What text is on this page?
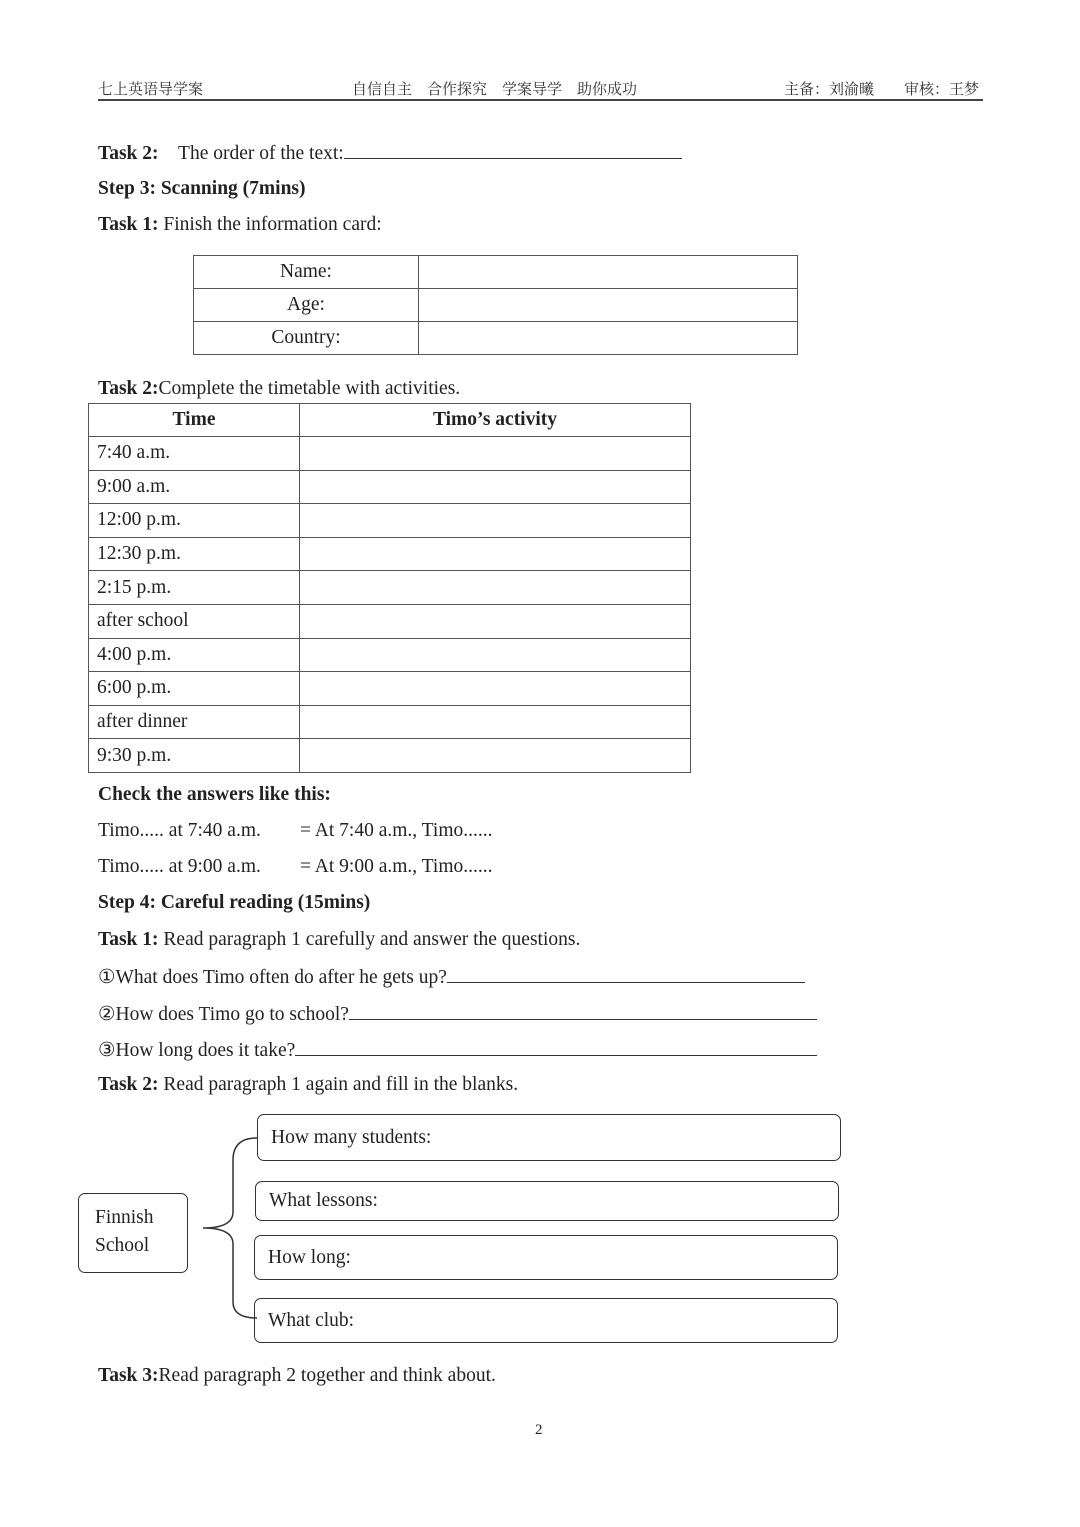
七上英语导学案	自信自主　合作探究　学案导学　助你成功	主备：刘渝曦　　审核：王梦
Task 2: The order of the text:
Step 3: Scanning (7mins)
Task 1: Finish the information card:
Name:	
Age:	
Country:	
Task 2:Complete the timetable with activities.
Time	Timo’s activity
7:40 a.m.	
9:00 a.m.	
12:00 p.m.	
12:30 p.m.	
2:15 p.m.	
after school	
4:00 p.m.	
6:00 p.m.	
after dinner	
9:30 p.m.	
Check the answers like this:
Timo..... at 7:40 a.m. = At 7:40 a.m., Timo......
Timo..... at 9:00 a.m. = At 9:00 a.m., Timo......
Step 4: Careful reading (15mins)
Task 1: Read paragraph 1 carefully and answer the questions.
①What does Timo often do after he gets up?
②How does Timo go to school?
③How long does it take?
Task 2: Read paragraph 1 again and fill in the blanks.
Finnish
School
How many students:
What lessons:
How long:
What club:
Task 3:Read paragraph 2 together and think about.
2
